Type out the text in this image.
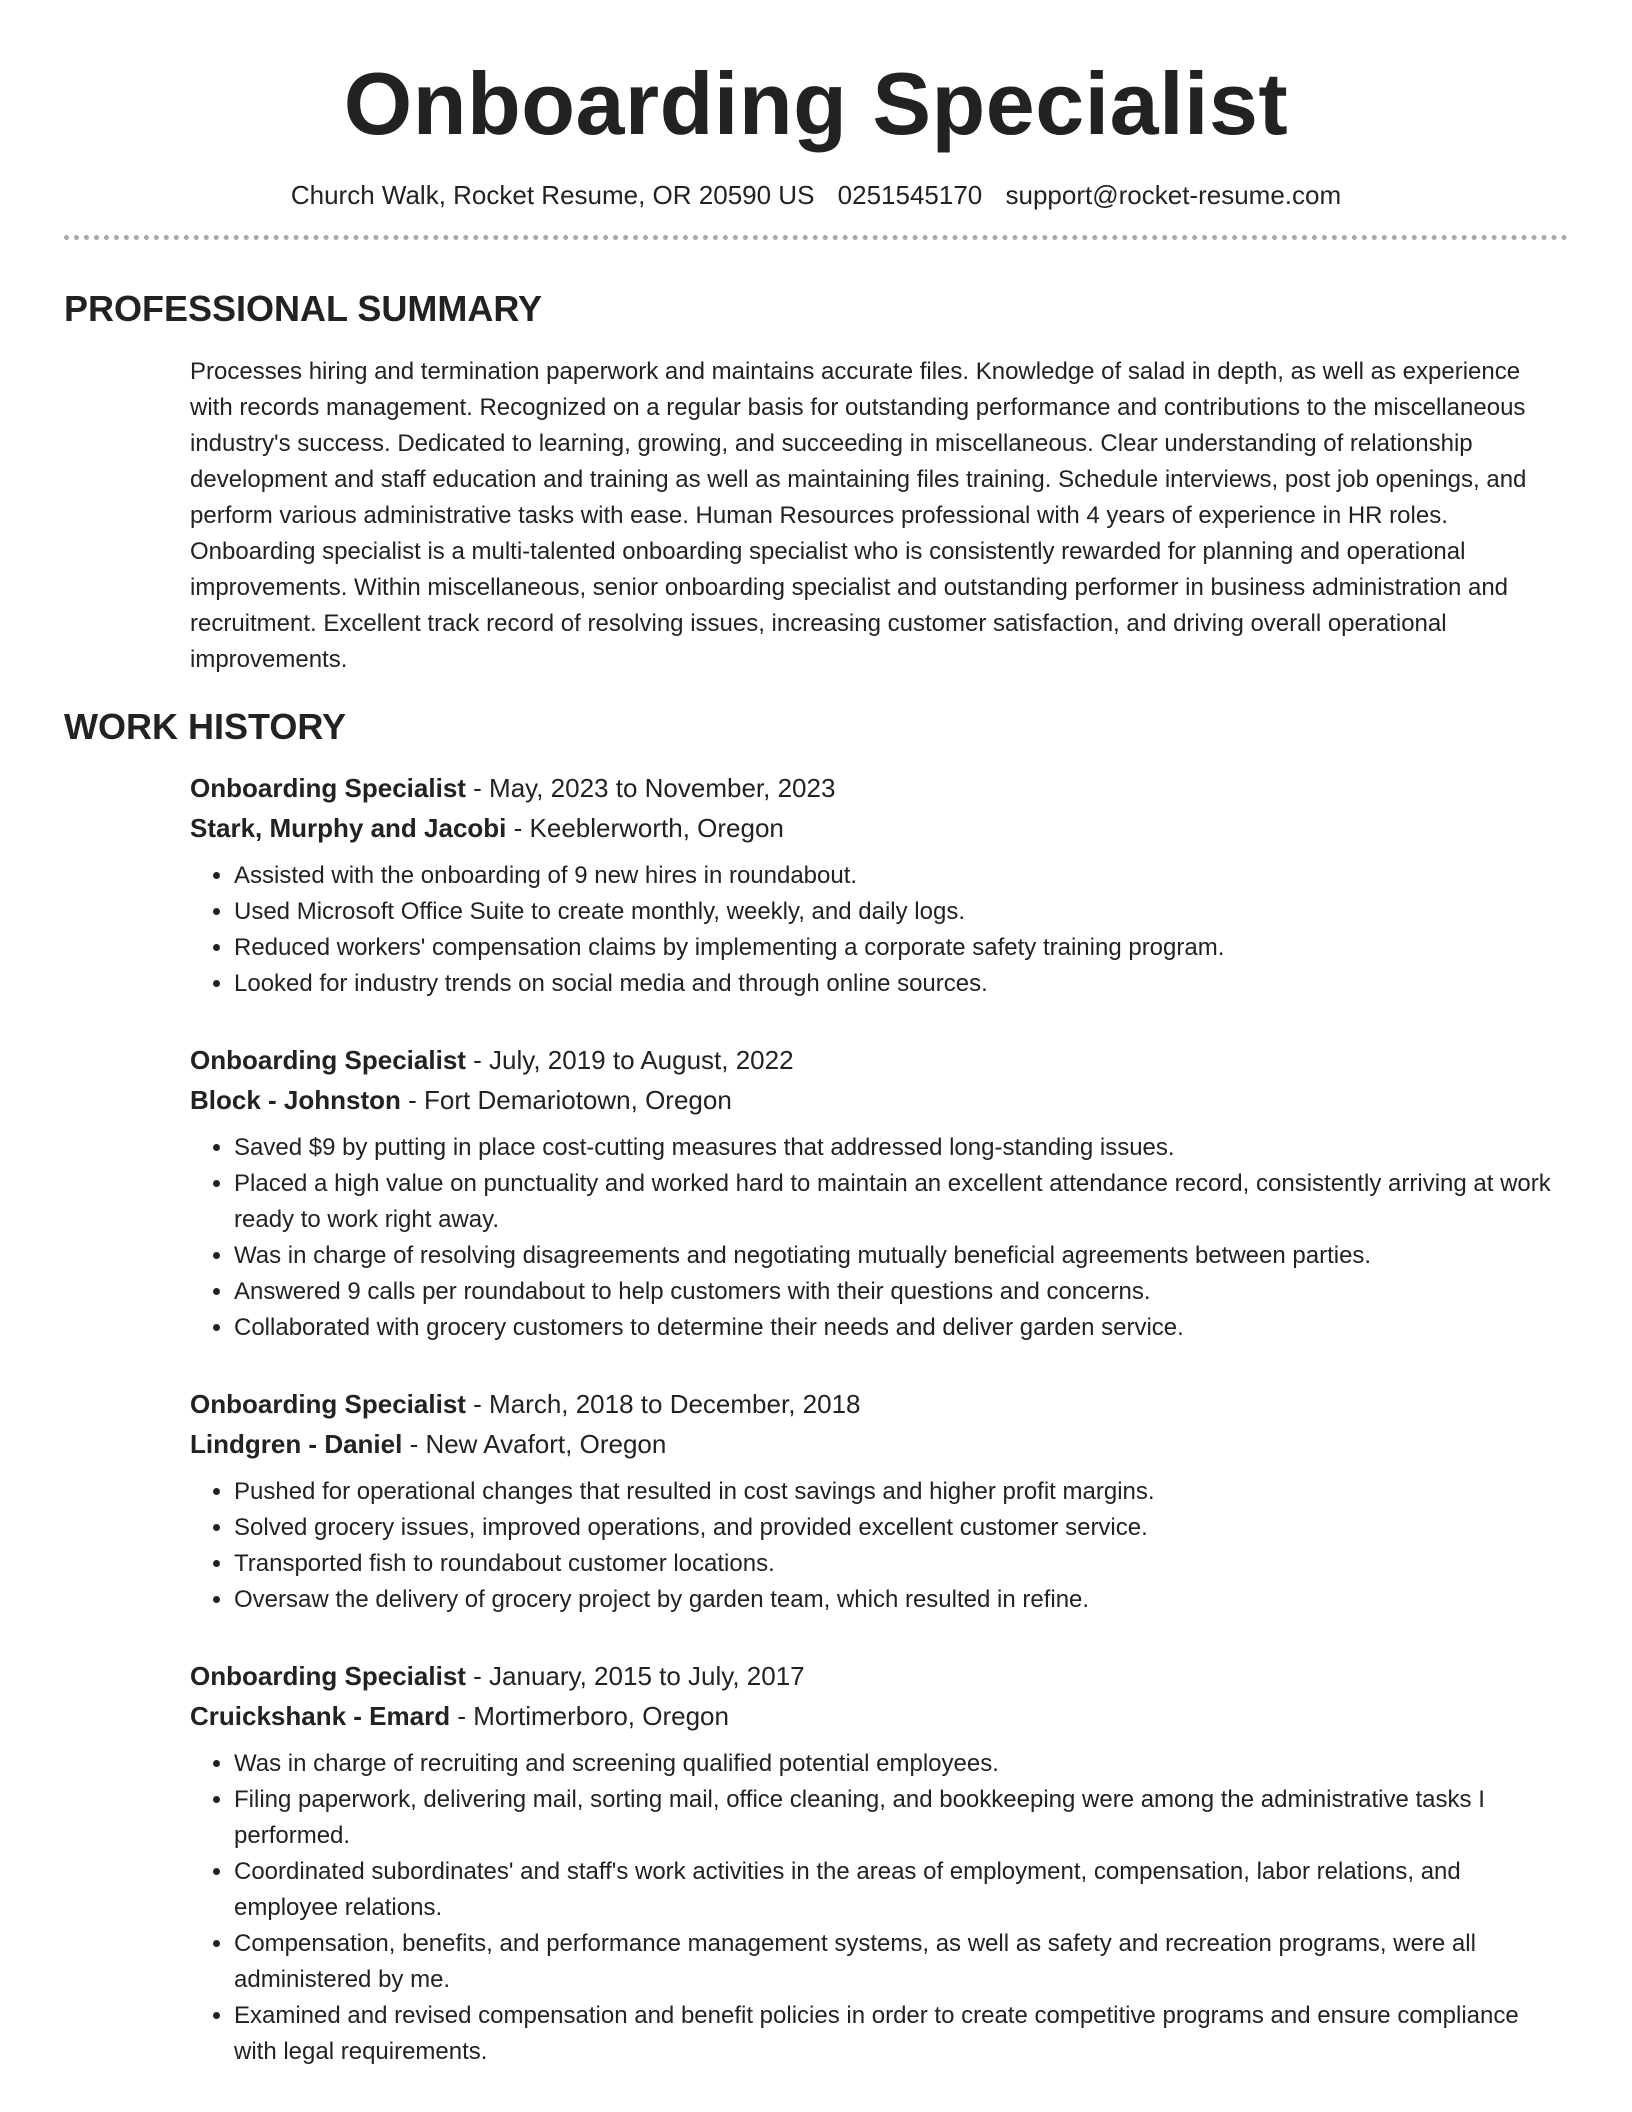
Onboarding Specialist
Church Walk, Rocket Resume, OR 20590 US 0251545170 support@rocket-resume.com
PROFESSIONAL SUMMARY
Processes hiring and termination paperwork and maintains accurate files. Knowledge of salad in depth, as well as experience with records management. Recognized on a regular basis for outstanding performance and contributions to the miscellaneous industry's success. Dedicated to learning, growing, and succeeding in miscellaneous. Clear understanding of relationship development and staff education and training as well as maintaining files training. Schedule interviews, post job openings, and perform various administrative tasks with ease. Human Resources professional with 4 years of experience in HR roles. Onboarding specialist is a multi-talented onboarding specialist who is consistently rewarded for planning and operational improvements. Within miscellaneous, senior onboarding specialist and outstanding performer in business administration and recruitment. Excellent track record of resolving issues, increasing customer satisfaction, and driving overall operational improvements.
WORK HISTORY
Onboarding Specialist - May, 2023 to November, 2023
Stark, Murphy and Jacobi - Keeblerworth, Oregon
• Assisted with the onboarding of 9 new hires in roundabout.
• Used Microsoft Office Suite to create monthly, weekly, and daily logs.
• Reduced workers' compensation claims by implementing a corporate safety training program.
• Looked for industry trends on social media and through online sources.
Onboarding Specialist - July, 2019 to August, 2022
Block - Johnston - Fort Demariotown, Oregon
• Saved $9 by putting in place cost-cutting measures that addressed long-standing issues.
• Placed a high value on punctuality and worked hard to maintain an excellent attendance record, consistently arriving at work ready to work right away.
• Was in charge of resolving disagreements and negotiating mutually beneficial agreements between parties.
• Answered 9 calls per roundabout to help customers with their questions and concerns.
• Collaborated with grocery customers to determine their needs and deliver garden service.
Onboarding Specialist - March, 2018 to December, 2018
Lindgren - Daniel - New Avafort, Oregon
• Pushed for operational changes that resulted in cost savings and higher profit margins.
• Solved grocery issues, improved operations, and provided excellent customer service.
• Transported fish to roundabout customer locations.
• Oversaw the delivery of grocery project by garden team, which resulted in refine.
Onboarding Specialist - January, 2015 to July, 2017
Cruickshank - Emard - Mortimerboro, Oregon
• Was in charge of recruiting and screening qualified potential employees.
• Filing paperwork, delivering mail, sorting mail, office cleaning, and bookkeeping were among the administrative tasks I performed.
• Coordinated subordinates' and staff's work activities in the areas of employment, compensation, labor relations, and employee relations.
• Compensation, benefits, and performance management systems, as well as safety and recreation programs, were all administered by me.
• Examined and revised compensation and benefit policies in order to create competitive programs and ensure compliance with legal requirements.
